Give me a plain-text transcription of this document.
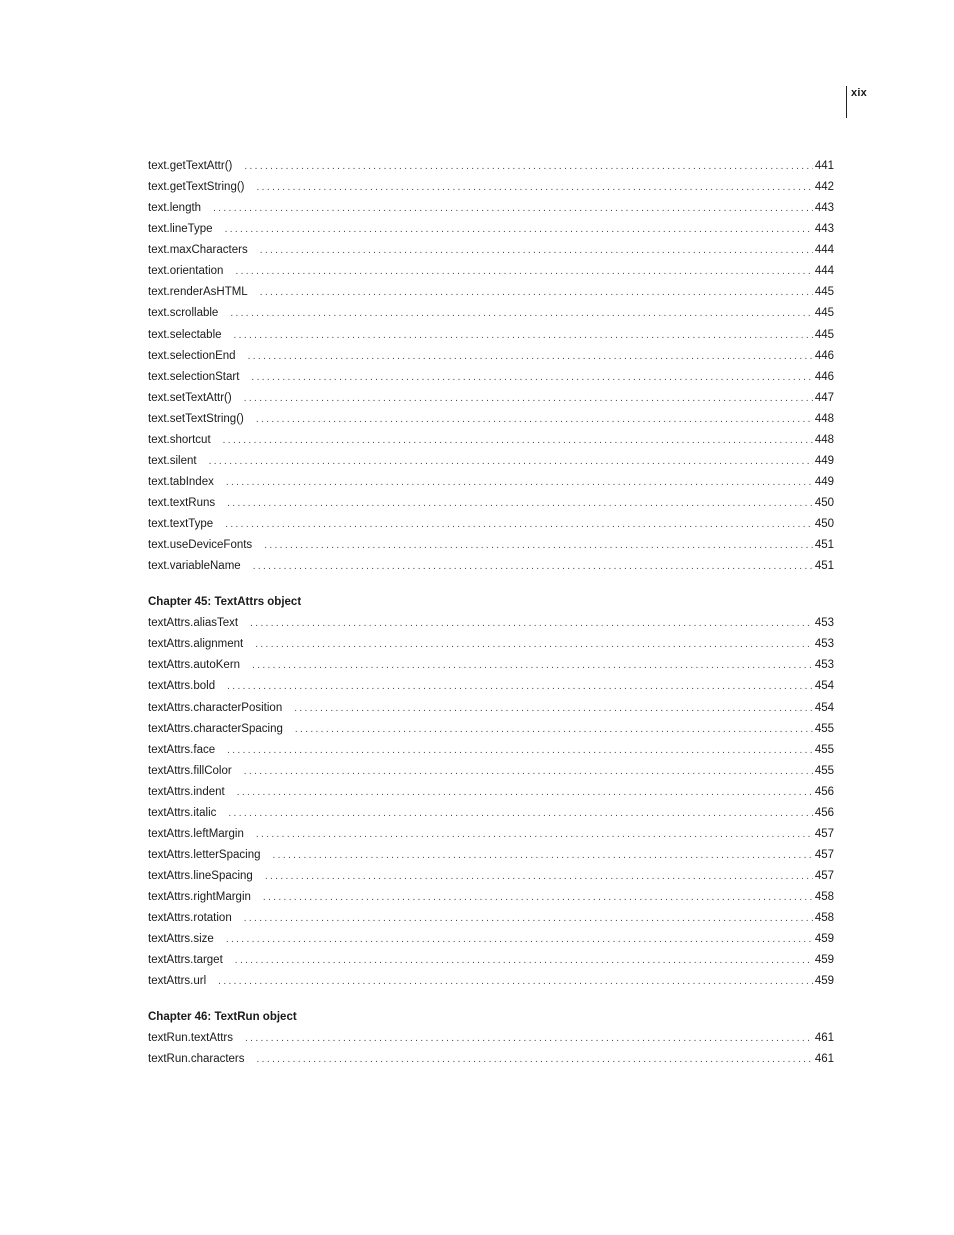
xix
text.getTextAttr() . . .	441
text.getTextString() . . .	442
text.length . . .	443
text.lineType . . .	443
text.maxCharacters . . .	444
text.orientation . . .	444
text.renderAsHTML . . .	445
text.scrollable . . .	445
text.selectable . . .	445
text.selectionEnd . . .	446
text.selectionStart . . .	446
text.setTextAttr() . . .	447
text.setTextString() . . .	448
text.shortcut . . .	448
text.silent . . .	449
text.tabIndex . . .	449
text.textRuns . . .	450
text.textType . . .	450
text.useDeviceFonts . . .	451
text.variableName . . .	451
Chapter 45: TextAttrs object
textAttrs.aliasText . . .	453
textAttrs.alignment . . .	453
textAttrs.autoKern . . .	453
textAttrs.bold . . .	454
textAttrs.characterPosition . . .	454
textAttrs.characterSpacing . . .	455
textAttrs.face . . .	455
textAttrs.fillColor . . .	455
textAttrs.indent . . .	456
textAttrs.italic . . .	456
textAttrs.leftMargin . . .	457
textAttrs.letterSpacing . . .	457
textAttrs.lineSpacing . . .	457
textAttrs.rightMargin . . .	458
textAttrs.rotation . . .	458
textAttrs.size . . .	459
textAttrs.target . . .	459
textAttrs.url . . .	459
Chapter 46: TextRun object
textRun.textAttrs . . .	461
textRun.characters . . .	461
